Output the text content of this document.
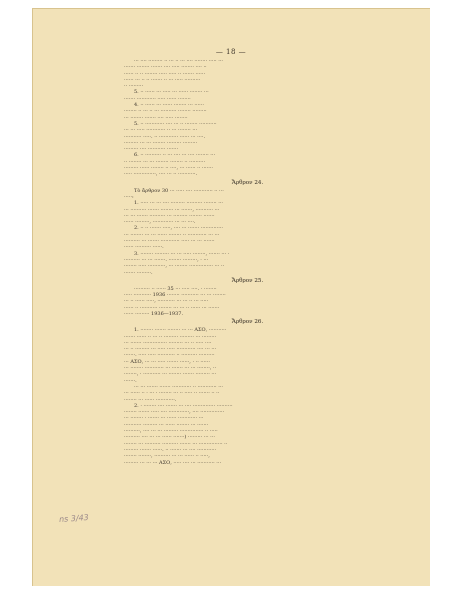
— 18 —
··· ···· ········· ·· ··· ·· ··· ···· ········ ····· ···
······· ········ ······· ···· ····· ········ ···· ··
······ ·· ·· ········ ····· ····· ·· ······· ······
······ ··· ·· ·· ······· ·· ··· ····· ··········
·· ·········
5. ·· ······ ··· ····· ··· ······ ········ ···
······· ············ ····· ······ ········
4. ·· ······ ··· ······ ········ ··· ······
········ ·· ··· ·· ··· ·········· ········ ·········
··· ········ ······· ···· ····· ········
5. ·· ············ ···· ··· ·· ········ ···········
··· ··· ····· ············ ·· ··· ········ ···
··········· ·····. ·· ············ ······ ··· ····.
········· ··· ··· ········ ········· ·········
········· ···· ··········· ·······
6. ·· ·········· ·· ··· ···· ··· ···· ········ ···
·· ········ ··· ··· ········ ········ ·· ··········
········· ······ ········ ·· ····, ··· ······ ·· ·······
····· ··············, ···· ··· ·· ···········.
Ἄρθρον 24.
Τὸ ἄρθρον 30 ··· ····· ···· ············ ·· ···
·····:
1. ····· ··· ··· ···· ········· ·········· ········ ···
··· ·········· ······· ········ ··· ·······, ··········· ···
··· ··· ······· ·········· ··· ········· ········ ·······
······ ·········, ············· ··· ··· ····.
2. ·· ·· ······· ·····, ···· ··· ······· ··············
··· ········ ··· ··· ······ ········ ·· ············ ··· ···
·········· ··· ······· ············ ····· ··· ··· ·······
······ ·········· ······.
3. ········ ········· ··· ··· ····· ········, ······· ··· ·
·········· ··· ··· ·······. ········ ·········, · ···
········ ····· ···········, ··· ········ ··············· ··· ··
······· ·········.
Ἄρθρον 25.
·········· ·· ······ 35 ··· ····· ····. · ········
····· ··········· 1936 ········ ··········· ··· ··· ········
··· ·· ······ ·····, ··········· ··· ··· ·· ··· ·····
······ ·· ··········· ········ ··· ··· ·· ······ ··· ·······
······ ········· 1936—1937.
Ἄρθρον 26.
1. ········ ······· ········ ··· ··· ΑΣΟ, ···········
······· ······ ·· ··· ·· ········· ········· ··· ·········
··· ······· ··············· ········· ··· ·· ····· ····
··· ·· ········· ··· ····· ····· ············ ···· ··· ···
·······. ····· ····· ··········· ·· ·········· ··········
··· ΑΣΟ, ··· ··· ····· ······· ······, · ·· ······
··· ········ ············ ··· ······· ··· ··· ········, ··
········, · ··········· ··· ········ ······· ········· ···
·······.
··· ··· ······· ······· ············ ·· ············ ···
··· ······ ·· · ··· · ········ ··· ·· ····· ·· ······· ·· ··
········ ··· ······ ············.
2. · ········ ···· ······· ··· ···· ·············· ··········
········ ······· ····· ···· ·············, ···· ···············
··· ········ · ······· ··· ······ ············ ···
··········· ········· ··· ······ ········ ··· ·······
··········, ···· ··· ··· ········· ··············· ·· ·····
·········· ···· ··· ··· ······ ·······) ········· ··· ···
········ ··· ·········· ·········· ······· ··· ··············· ··
········· ······· ······. ·· ······· ··· ···· ············
········ ········, ·········· ··· ··· ······ ·· ·····,
········· ··· ··· ··· ΑΣΟ, ····· ···· ··· ··········· ···
ns 3/43
